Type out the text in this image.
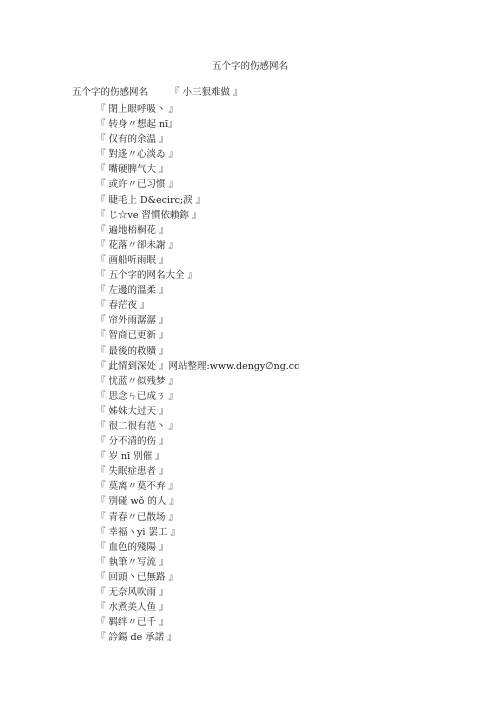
五个字的伤感网名
五个字的伤感网名 『 小三狠难做 』
『 閉上眼呼吸丶 』
『 转身〃想起 nī』
『 仅有的余温 』
『 對迻〃心淡ゐ 』
『 嘴硬脾气大 』
『 或许〃已习惯 』
『 睫毛上 D&ecirc;淚 』
『 じ☆ve 習慣依賴鉨 』
『 遍地梧桐花 』
『 花落〃卻未謝 』
『 画船听雨眠 』
『 五个字的网名大全 』
『 左邊的溫柔 』
『 春茫夜 』
『 帘外雨潺潺 』
『 智商已更新 』
『 最後的救贖 』
『 此情到深处 』网站整理:www.dengy∅ng.cc
『 忧蓝〃似残梦 』
『 思念ㄣ已成ㄋ 』
『 姊妹大过天 』
『 很二很有范丶 』
『 分不清的伤 』
『 岁 nī 别催 』
『 失眠症患者 』
『 莫离〃莫不弃 』
『 別碰 wǒ 的人 』
『 青春〃已散场 』
『 幸福ヽyi 罢工 』
『 血色的殘陽 』
『 執筆〃写流 』
『 回頭丶已無路 』
『 无奈风吹雨 』
『 水煮美人鱼 』
『 羁绊〃已千 』
『 訡鍚 de 承諾 』
